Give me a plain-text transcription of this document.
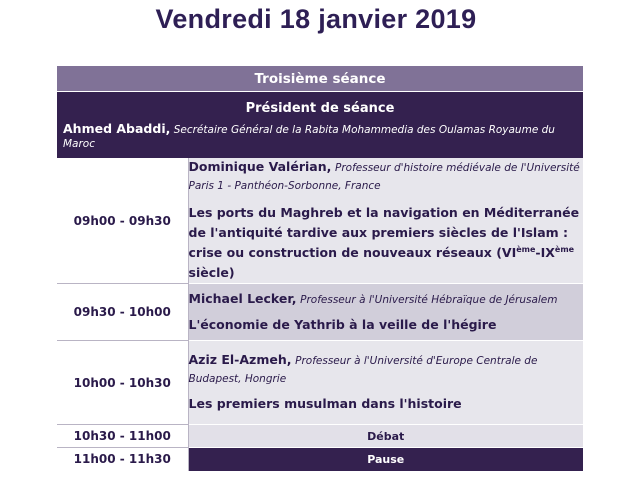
Vendredi 18 janvier 2019
Troisième séance	

Président de séance
Ahmed Abaddi, Secrétaire Général de la Rabita Mohammedia des Oulamas Royaume du Maroc	

09h00 - 09h30	Dominique Valérian, Professeur d'histoire médiévale de l'Université Paris 1 - Panthéon-Sorbonne, France
Les ports du Maghreb et la navigation en Méditerranée de l'antiquité tardive aux premiers siècles de l'Islam : crise ou construction de nouveaux réseaux (VIème-IXème siècle)

09h30 - 10h00	Michael Lecker, Professeur à l'Université Hébraïque de Jérusalem
L'économie de Yathrib à la veille de l'hégire

10h00 - 10h30	Aziz El-Azmeh, Professeur à l'Université d'Europe Centrale de Budapest, Hongrie
Les premiers musulman dans l'histoire

10h30 - 11h00	Débat
11h00 - 11h30	Pause
